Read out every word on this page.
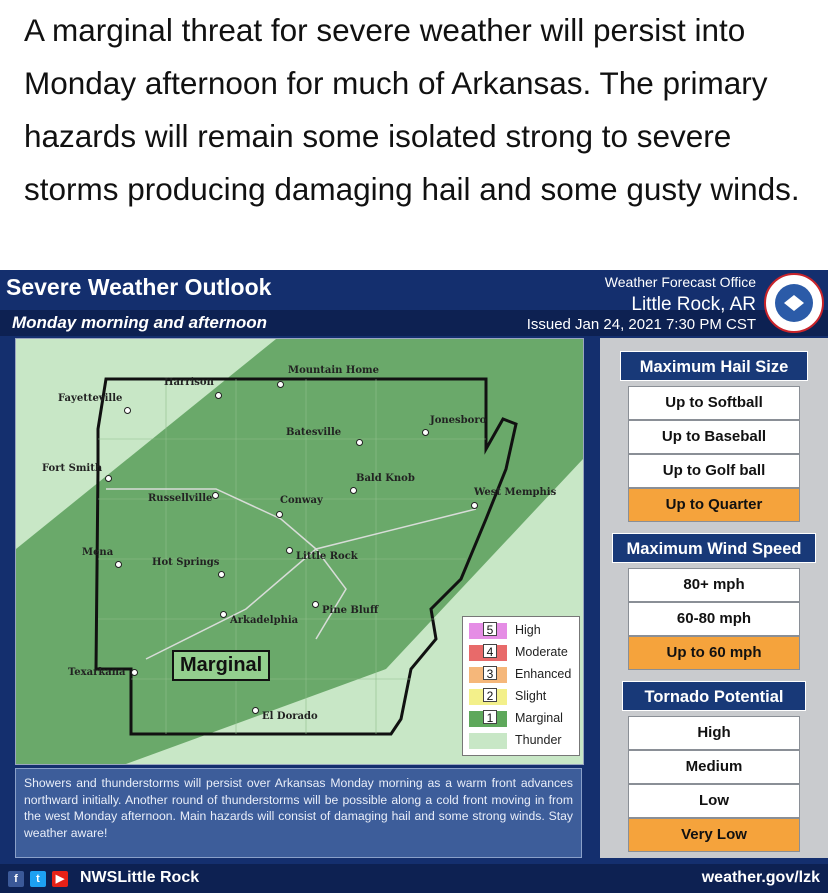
A marginal threat for severe weather will persist into Monday afternoon for much of Arkansas. The primary hazards will remain some isolated strong to severe storms producing damaging hail and some gusty winds.

Severe Weather Outlook
Monday morning and afternoon
Weather Forecast Office
Little Rock, AR
Issued Jan 24, 2021 7:30 PM CST
Harrison
Mountain Home
Fayetteville
Batesville
Jonesboro
Fort Smith
Bald Knob
West Memphis
Russellville	Conway
Mena
Hot Springs
Little Rock
Pine Bluff
Arkadelphia
Texarkana
El Dorado
Marginal
5 High
4 Moderate
3 Enhanced
2 Slight
1 Marginal
Thunder
Showers and thunderstorms will persist over Arkansas Monday morning as a warm front advances northward initially. Another round of thunderstorms will be possible along a cold front moving in from the west Monday afternoon. Main hazards will consist of damaging hail and some strong winds. Stay weather aware!
Maximum Hail Size
Up to Softball
Up to Baseball
Up to Golf ball
Up to Quarter
Maximum Wind Speed
80+ mph
60-80 mph
Up to 60 mph
Tornado Potential
High
Medium
Low
Very Low
f	t	▶ NWSLittle Rock	weather.gov/lzk
